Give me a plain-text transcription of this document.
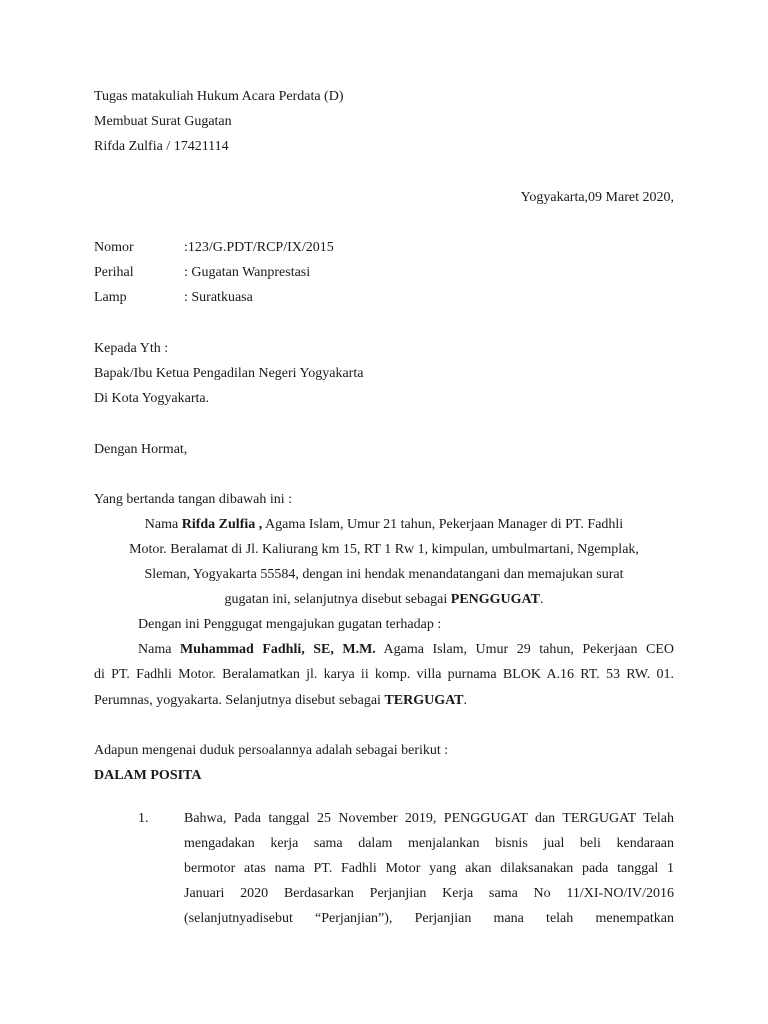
Tugas matakuliah Hukum Acara Perdata (D)
Membuat Surat Gugatan
Rifda Zulfia / 17421114
Yogyakarta,09 Maret 2020,
Nomor	:123/G.PDT/RCP/IX/2015
Perihal	: Gugatan Wanprestasi
Lamp	: Suratkuasa
Kepada Yth :
Bapak/Ibu Ketua Pengadilan Negeri Yogyakarta
Di Kota Yogyakarta.
Dengan Hormat,
Yang bertanda tangan dibawah ini :
Nama Rifda Zulfia , Agama Islam, Umur 21 tahun, Pekerjaan Manager di PT. Fadhli
Motor. Beralamat di Jl. Kaliurang km 15, RT 1 Rw 1, kimpulan, umbulmartani, Ngemplak,
Sleman, Yogyakarta 55584, dengan ini hendak menandatangani dan memajukan surat
gugatan ini, selanjutnya disebut sebagai PENGGUGAT.
Dengan ini Penggugat mengajukan gugatan terhadap :
Nama Muhammad Fadhli, SE, M.M. Agama Islam, Umur 29 tahun, Pekerjaan CEO
di PT. Fadhli Motor. Beralamatkan jl. karya ii komp. villa purnama BLOK A.16 RT. 53 RW. 01.
Perumnas, yogyakarta. Selanjutnya disebut sebagai TERGUGAT.
Adapun mengenai duduk persoalannya adalah sebagai berikut :
DALAM POSITA
1.	Bahwa, Pada tanggal 25 November 2019, PENGGUGAT dan TERGUGAT Telah
mengadakan kerja sama dalam menjalankan bisnis jual beli kendaraan
bermotor atas nama PT. Fadhli Motor yang akan dilaksanakan pada tanggal 1
Januari 2020 Berdasarkan Perjanjian Kerja sama No 11/XI-NO/IV/2016
(selanjutnyadisebut “Perjanjian”), Perjanjian mana telah menempatkan
